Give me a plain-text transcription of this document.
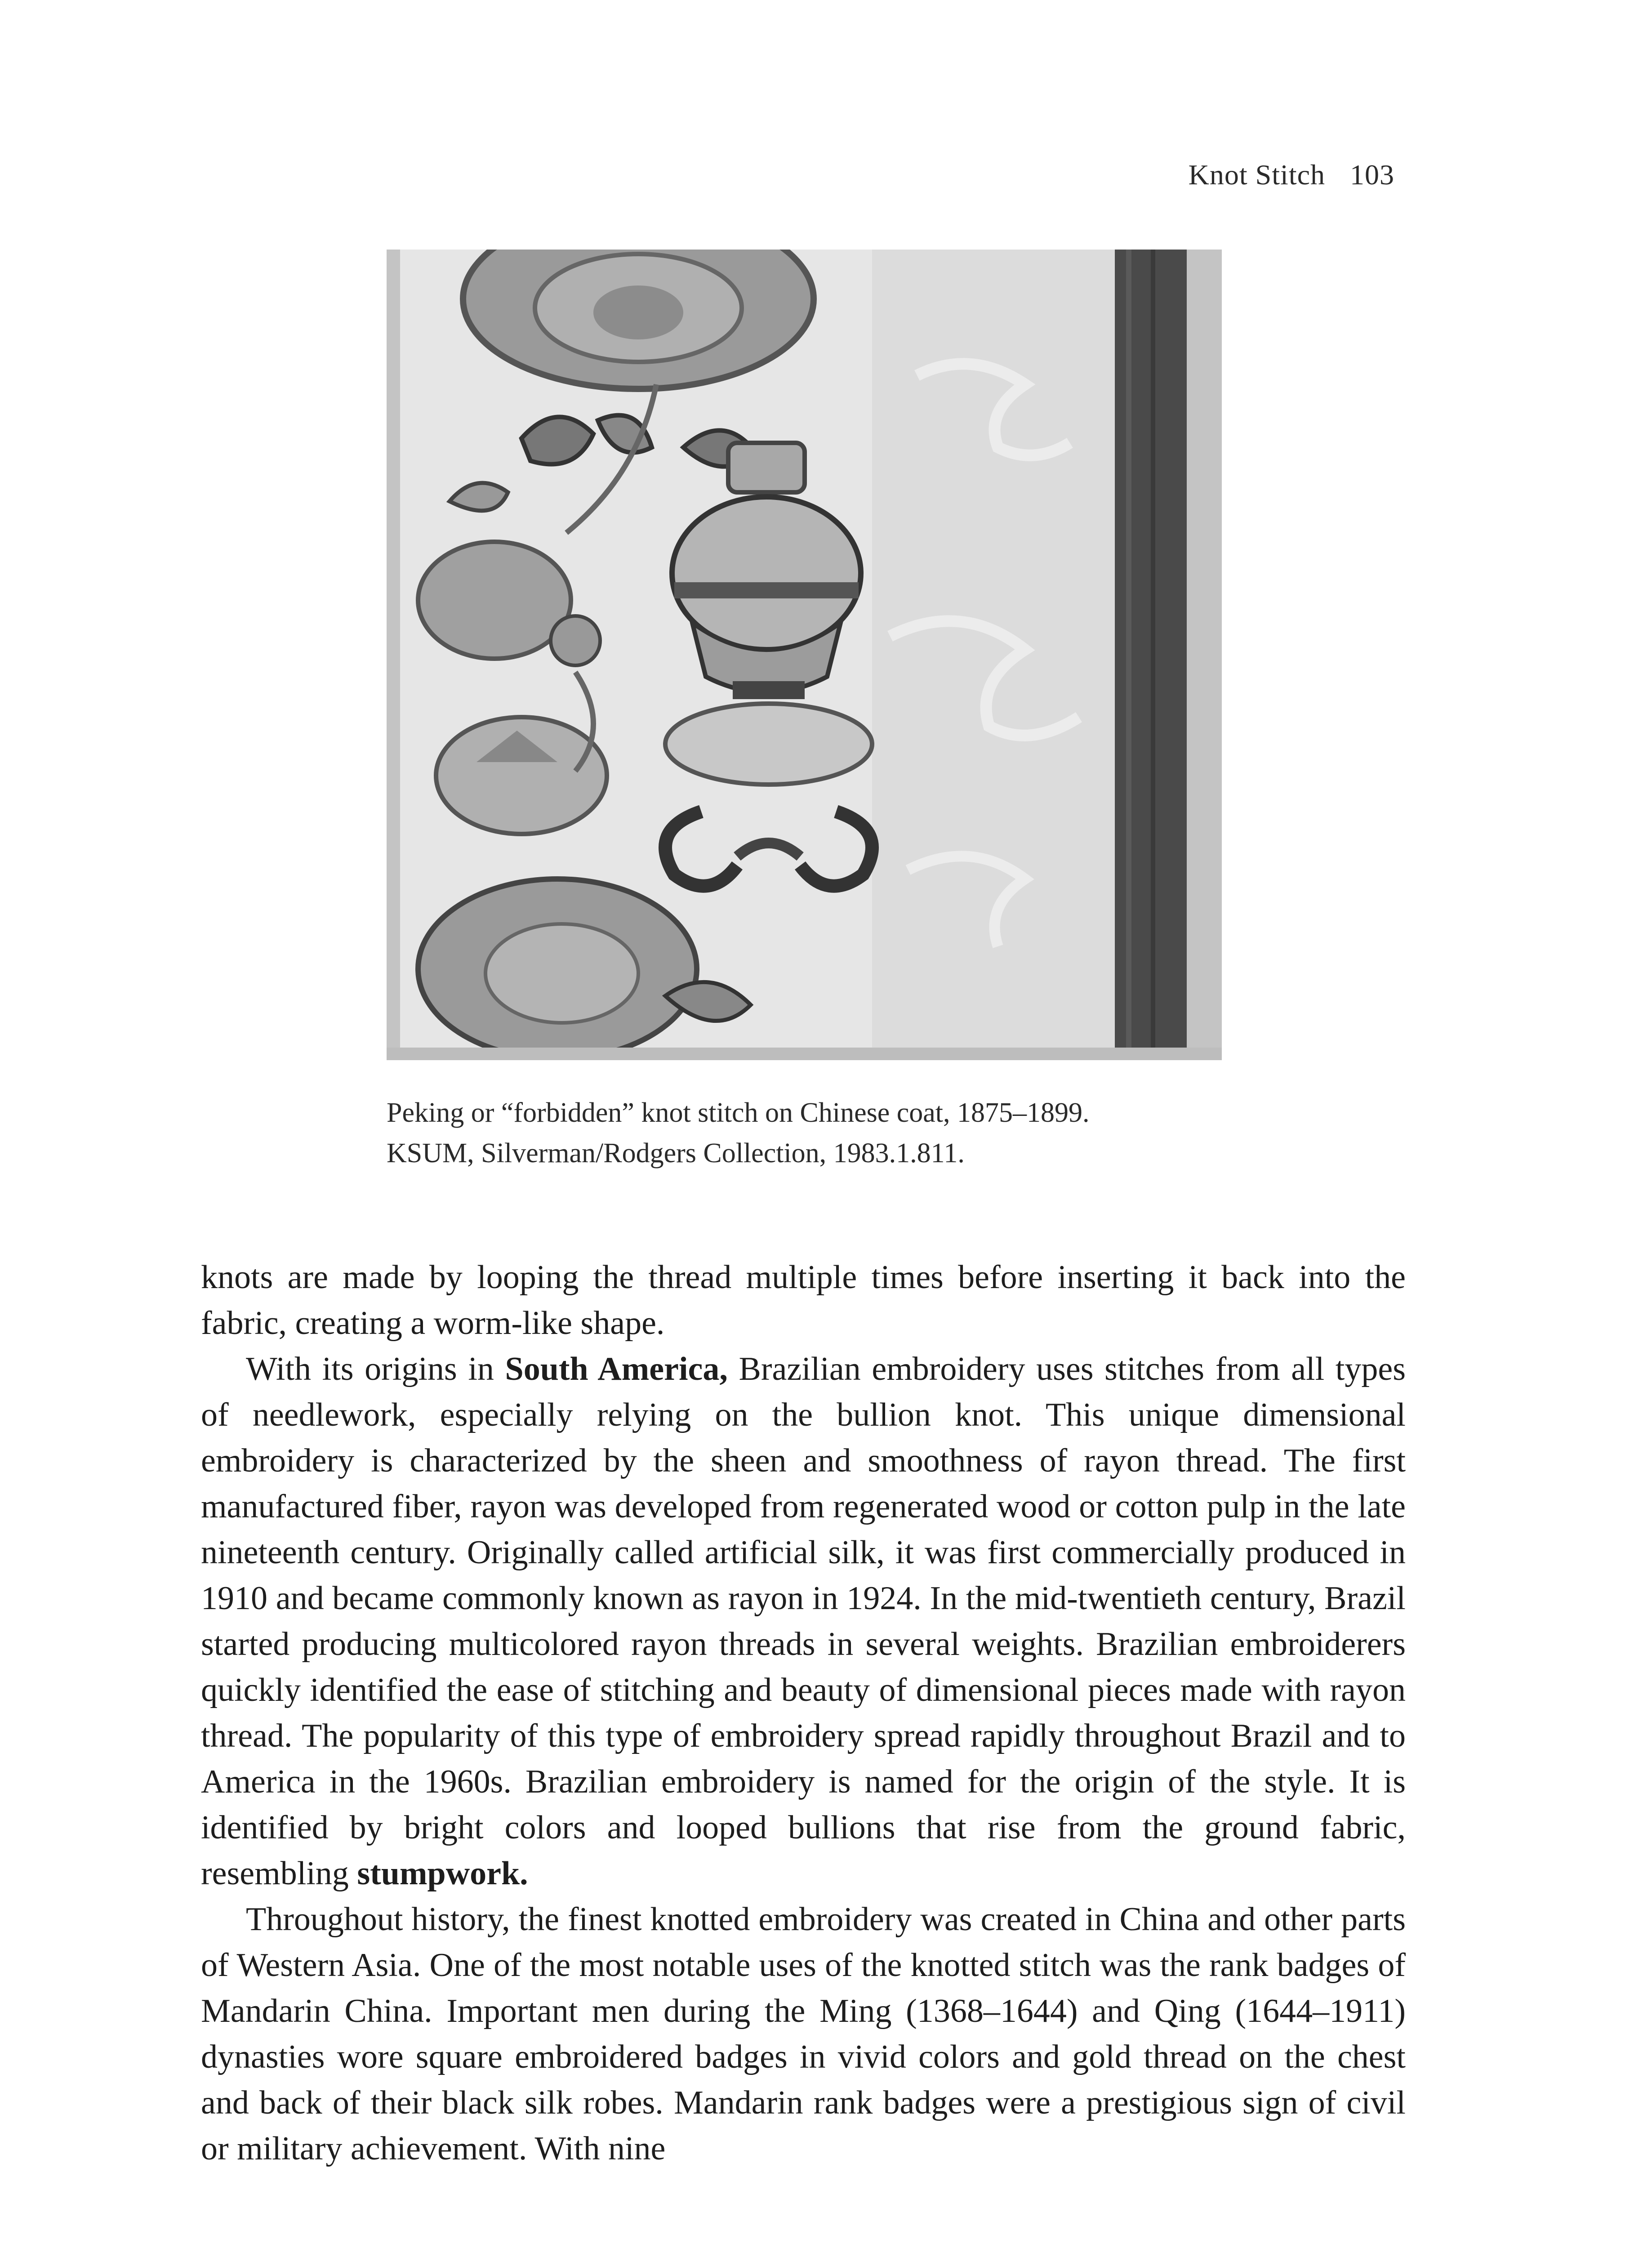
Knot Stitch 103
Peking or “forbidden” knot stitch on Chinese coat, 1875–1899.
KSUM, Silverman/Rodgers Collection, 1983.1.811.

knots are made by looping the thread multiple times before inserting it back into the fabric, creating a worm-like shape.

With its origins in South America, Brazilian embroidery uses stitches from all types of needlework, especially relying on the bullion knot. This unique dimensional embroidery is characterized by the sheen and smoothness of rayon thread. The first manufactured fiber, rayon was developed from regenerated wood or cotton pulp in the late nineteenth century. Originally called artificial silk, it was first commercially produced in 1910 and became commonly known as rayon in 1924. In the mid-twentieth century, Brazil started producing multicolored rayon threads in several weights. Brazilian embroiderers quickly identified the ease of stitching and beauty of dimensional pieces made with rayon thread. The popularity of this type of embroidery spread rapidly throughout Brazil and to America in the 1960s. Brazilian embroidery is named for the origin of the style. It is identified by bright colors and looped bullions that rise from the ground fabric, resembling stumpwork.

Throughout history, the finest knotted embroidery was created in China and other parts of Western Asia. One of the most notable uses of the knotted stitch was the rank badges of Mandarin China. Important men during the Ming (1368–1644) and Qing (1644–1911) dynasties wore square embroidered badges in vivid colors and gold thread on the chest and back of their black silk robes. Mandarin rank badges were a prestigious sign of civil or military achievement. With nine
